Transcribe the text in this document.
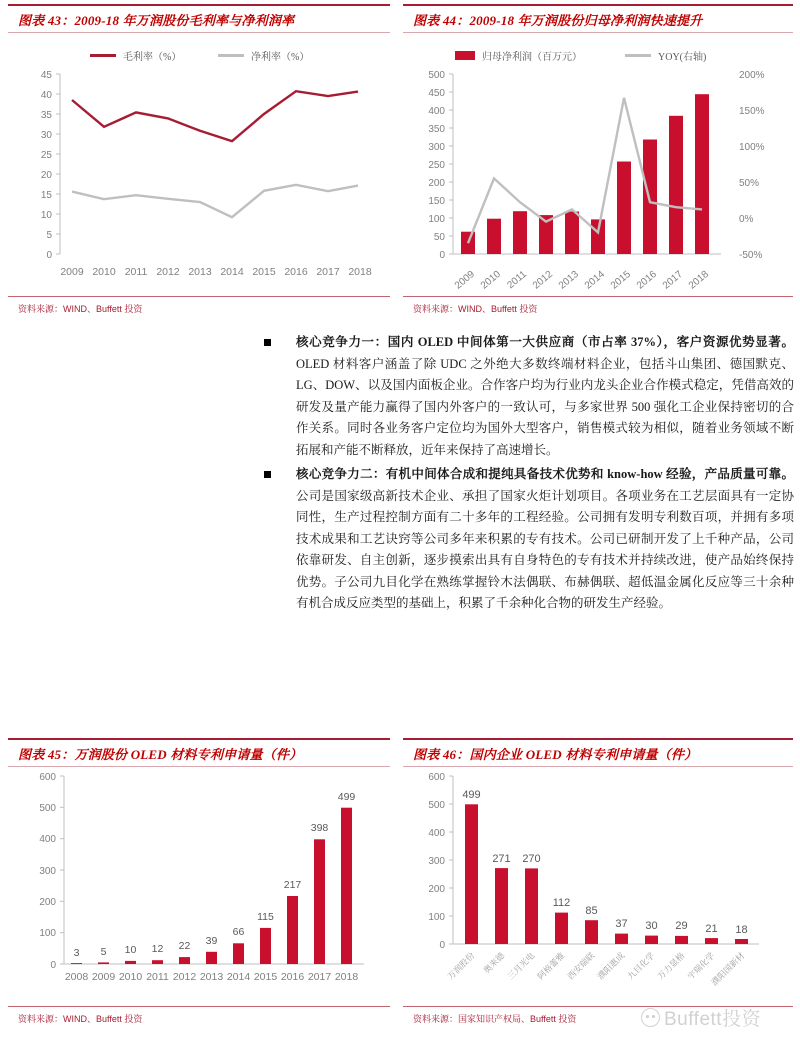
图表 43：2009-18 年万润股份毛利率与净利润率
毛利率（%）	净利率（%）
45
40
35
30
25
20
15
10
5
0
2009 2010 2011 2012 2013 2014 2015 2016 2017 2018
资料来源：WIND、Buffett 投资
图表 44：2009-18 年万润股份归母净利润快速提升
归母净利润（百万元）	YOY(右轴)
500
450
400
350
300
250
200
150
100
50
0
200%
150%
100%
50%
0%
-50%
2009 2010 2011 2012 2013 2014 2015 2016 2017 2018
资料来源：WIND、Buffett 投资
核心竞争力一：国内 OLED 中间体第一大供应商（市占率 37%），客户资源优势显著。OLED 材料客户涵盖了除 UDC 之外绝大多数终端材料企业，包括斗山集团、德国默克、LG、DOW、以及国内面板企业。合作客户均为行业内龙头企业合作模式稳定，凭借高效的研发及量产能力赢得了国内外客户的一致认可，与多家世界 500 强化工企业保持密切的合作关系。同时各业务客户定位均为国外大型客户，销售模式较为相似，随着业务领域不断拓展和产能不断释放，近年来保持了高速增长。
核心竞争力二：有机中间体合成和提纯具备技术优势和 know-how 经验，产品质量可靠。公司是国家级高新技术企业、承担了国家火炬计划项目。各项业务在工艺层面具有一定协同性，生产过程控制方面有二十多年的工程经验。公司拥有发明专利数百项，并拥有多项技术成果和工艺诀窍等公司多年来积累的专有技术。公司已研制开发了上千种产品，公司依靠研发、自主创新，逐步摸索出具有自身特色的专有技术并持续改进，使产品始终保持优势。子公司九目化学在熟练掌握铃木法偶联、布赫偶联、超低温金属化反应等三十余种有机合成反应类型的基础上，积累了千余种化合物的研发生产经验。
图表 45：万润股份 OLED 材料专利申请量（件）
600
500
400
300
200
100
0
3 5 10 12 22 39
66
115
217
398
499
2008 2009 2010 2011 2012 2013 2014 2015 2016 2017 2018
资料来源：WIND、Buffett 投资
图表 46：国内企业 OLED 材料专利申请量（件）
600
500
400
300
200
100
0
499
271 270
112
85
37 30 29 21 18
万润股份 奥来德
三月光电
阿格蕾雅
西安瑞联
濮阳惠成
九目化学
万力显格
宇瑞化学
濮阳国新材
Buffett投资
资料来源：国家知识产权局、Buffett 投资
